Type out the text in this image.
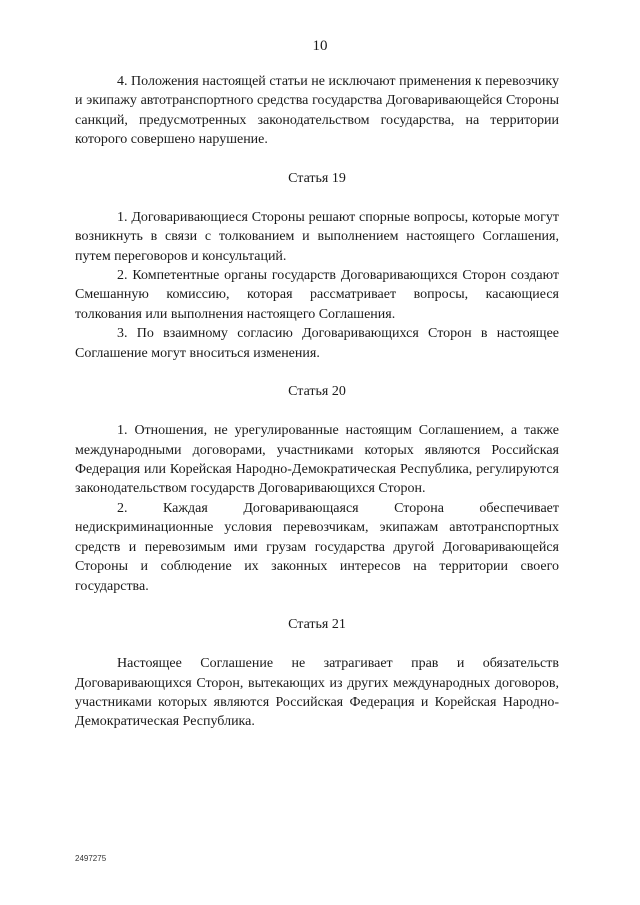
10

4. Положения настоящей статьи не исключают применения к перевозчику и экипажу автотранспортного средства государства Договаривающейся Стороны санкций, предусмотренных законодательством государства, на территории которого совершено нарушение.

Статья 19

1. Договаривающиеся Стороны решают спорные вопросы, которые могут возникнуть в связи с толкованием и выполнением настоящего Соглашения, путем переговоров и консультаций.

2. Компетентные органы государств Договаривающихся Сторон создают Смешанную комиссию, которая рассматривает вопросы, касающиеся толкования или выполнения настоящего Соглашения.

3. По взаимному согласию Договаривающихся Сторон в настоящее Соглашение могут вноситься изменения.

Статья 20

1. Отношения, не урегулированные настоящим Соглашением, а также международными договорами, участниками которых являются Российская Федерация или Корейская Народно-Демократическая Республика, регулируются законодательством государств Договаривающихся Сторон.

2. Каждая Договаривающаяся Сторона обеспечивает недискриминационные условия перевозчикам, экипажам автотранспортных средств и перевозимым ими грузам государства другой Договаривающейся Стороны и соблюдение их законных интересов на территории своего государства.

Статья 21

Настоящее Соглашение не затрагивает прав и обязательств Договаривающихся Сторон, вытекающих из других международных договоров, участниками которых являются Российская Федерация и Корейская Народно-Демократическая Республика.

2497275
